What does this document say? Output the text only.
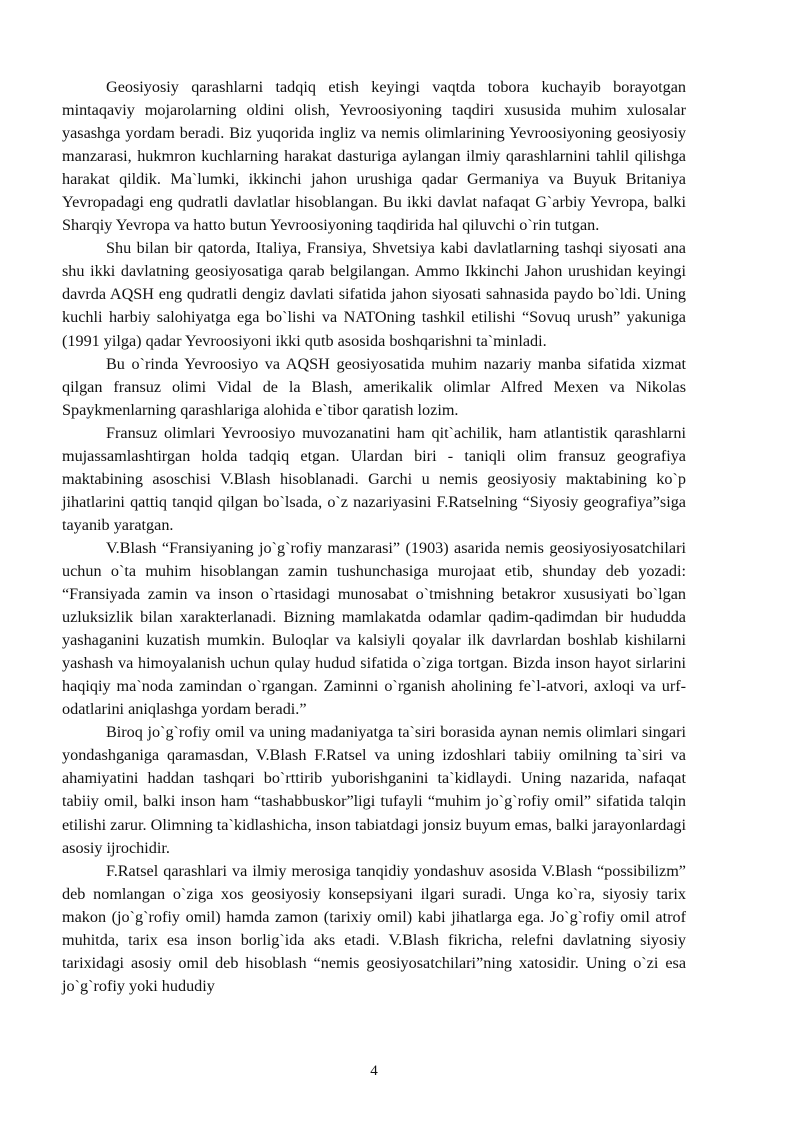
Geosiyosiy qarashlarni tadqiq etish keyingi vaqtda tobora kuchayib borayotgan mintaqaviy mojarolarning oldini olish, Yevroosiyoning taqdiri xususida muhim xulosalar yasashga yordam beradi. Biz yuqorida ingliz va nemis olimlarining Yevroosiyoning geosiyosiy manzarasi, hukmron kuchlarning harakat dasturiga aylangan ilmiy qarashlarnini tahlil qilishga harakat qildik. Ma`lumki, ikkinchi jahon urushiga qadar Germaniya va Buyuk Britaniya Yevropadagi eng qudratli davlatlar hisoblangan. Bu ikki davlat nafaqat G`arbiy Yevropa, balki Sharqiy Yevropa va hatto butun Yevroosiyoning taqdirida hal qiluvchi o`rin tutgan.

Shu bilan bir qatorda, Italiya, Fransiya, Shvetsiya kabi davlatlarning tashqi siyosati ana shu ikki davlatning geosiyosatiga qarab belgilangan. Ammo Ikkinchi Jahon urushidan keyingi davrda AQSH eng qudratli dengiz davlati sifatida jahon siyosati sahnasida paydo bo`ldi. Uning kuchli harbiy salohiyatga ega bo`lishi va NATOning tashkil etilishi “Sovuq urush” yakuniga (1991 yilga) qadar Yevroosiyoni ikki qutb asosida boshqarishni ta`minladi.

Bu o`rinda Yevroosiyo va AQSH geosiyosatida muhim nazariy manba sifatida xizmat qilgan fransuz olimi Vidal de la Blash, amerikalik olimlar Alfred Mexen va Nikolas Spaykmenlarning qarashlariga alohida e`tibor qaratish lozim.

Fransuz olimlari Yevroosiyo muvozanatini ham qit`achilik, ham atlantistik qarashlarni mujassamlashtirgan holda tadqiq etgan. Ulardan biri - taniqli olim fransuz geografiya maktabining asoschisi V.Blash hisoblanadi. Garchi u nemis geosiyosiy maktabining ko`p jihatlarini qattiq tanqid qilgan bo`lsada, o`z nazariyasini F.Ratselning “Siyosiy geografiya”siga tayanib yaratgan.

V.Blash “Fransiyaning jo`g`rofiy manzarasi” (1903) asarida nemis geosiyosiyosatchilari uchun o`ta muhim hisoblangan zamin tushunchasiga murojaat etib, shunday deb yozadi: “Fransiyada zamin va inson o`rtasidagi munosabat o`tmishning betakror xususiyati bo`lgan uzluksizlik bilan xarakterlanadi. Bizning mamlakatda odamlar qadim-qadimdan bir hududda yashaganini kuzatish mumkin. Buloqlar va kalsiyli qoyalar ilk davrlardan boshlab kishilarni yashash va himoyalanish uchun qulay hudud sifatida o`ziga tortgan. Bizda inson hayot sirlarini haqiqiy ma`noda zamindan o`rgangan. Zaminni o`rganish aholining fe`l-atvori, axloqi va urf-odatlarini aniqlashga yordam beradi.”

Biroq jo`g`rofiy omil va uning madaniyatga ta`siri borasida aynan nemis olimlari singari yondashganiga qaramasdan, V.Blash F.Ratsel va uning izdoshlari tabiiy omilning ta`siri va ahamiyatini haddan tashqari bo`rttirib yuborishganini ta`kidlaydi. Uning nazarida, nafaqat tabiiy omil, balki inson ham “tashabbuskor”ligi tufayli “muhim jo`g`rofiy omil” sifatida talqin etilishi zarur. Olimning ta`kidlashicha, inson tabiatdagi jonsiz buyum emas, balki jarayonlardagi asosiy ijrochidir.

F.Ratsel qarashlari va ilmiy merosiga tanqidiy yondashuv asosida V.Blash “possibilizm” deb nomlangan o`ziga xos geosiyosiy konsepsiyani ilgari suradi. Unga ko`ra, siyosiy tarix makon (jo`g`rofiy omil) hamda zamon (tarixiy omil) kabi jihatlarga ega. Jo`g`rofiy omil atrof muhitda, tarix esa inson borlig`ida aks etadi. V.Blash fikricha, relefni davlatning siyosiy tarixidagi asosiy omil deb hisoblash “nemis geosiyosatchilari”ning xatosidir. Uning o`zi esa jo`g`rofiy yoki hududiy

4
